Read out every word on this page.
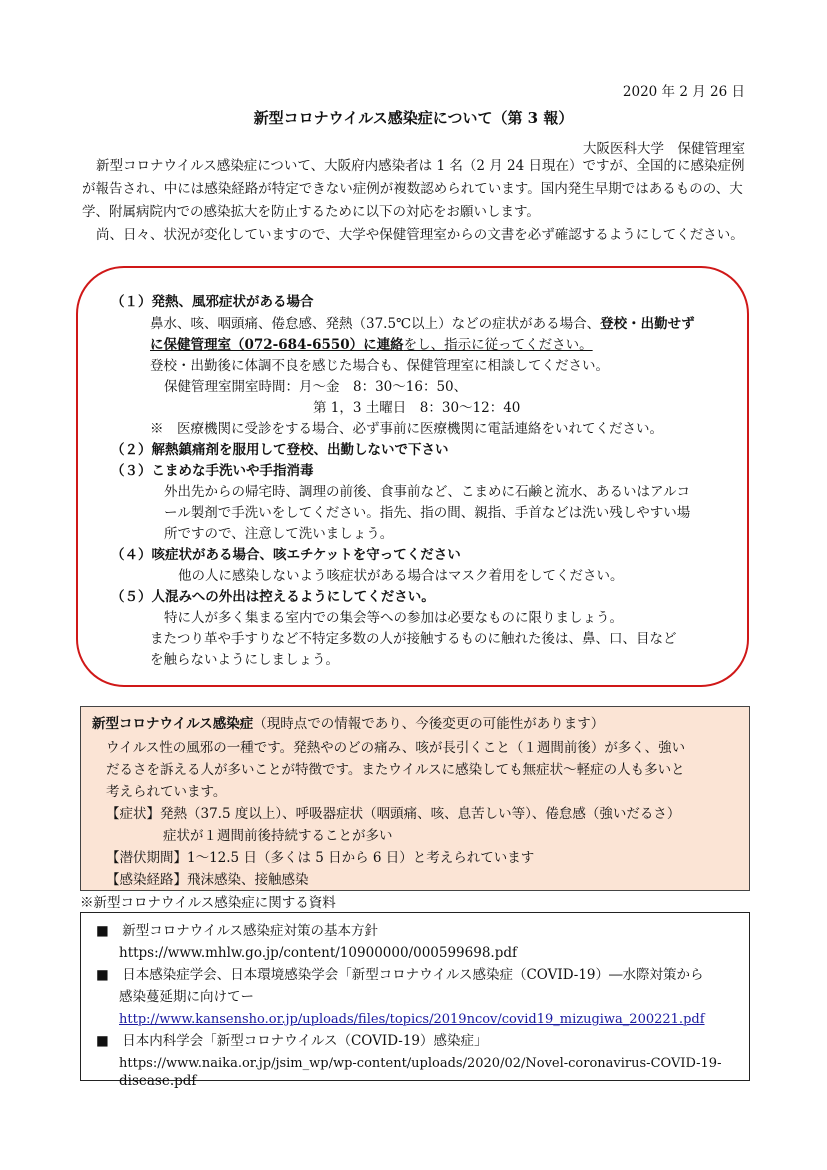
2020 年 2 月 26 日
新型コロナウイルス感染症について（第 3 報）
大阪医科大学　保健管理室
新型コロナウイルス感染症について、大阪府内感染者は 1 名（2 月 24 日現在）ですが、全国的に感染症例が報告され、中には感染経路が特定できない症例が複数認められています。国内発生早期ではあるものの、大学、附属病院内での感染拡大を防止するために以下の対応をお願いします。
尚、日々、状況が変化していますので、大学や保健管理室からの文書を必ず確認するようにしてください。
（１）発熱、風邪症状がある場合
鼻水、咳、咽頭痛、倦怠感、発熱（37.5℃以上）などの症状がある場合、登校・出勤せず
に保健管理室（072-684-6550）に連絡をし、指示に従ってください。
登校・出勤後に体調不良を感じた場合も、保健管理室に相談してください。
保健管理室開室時間：月～金　8：30～16：50、
第 1，3 土曜日　8：30～12：40
※　医療機関に受診をする場合、必ず事前に医療機関に電話連絡をいれてください。
（２）解熱鎮痛剤を服用して登校、出勤しないで下さい
（３）こまめな手洗いや手指消毒
外出先からの帰宅時、調理の前後、食事前など、こまめに石鹸と流水、あるいはアルコ
ール製剤で手洗いをしてください。指先、指の間、親指、手首などは洗い残しやすい場
所ですので、注意して洗いましょう。
（４）咳症状がある場合、咳エチケットを守ってください
他の人に感染しないよう咳症状がある場合はマスク着用をしてください。
（５）人混みへの外出は控えるようにしてください。
特に人が多く集まる室内での集会等への参加は必要なものに限りましょう。
またつり革や手すりなど不特定多数の人が接触するものに触れた後は、鼻、口、目など
を触らないようにしましょう。
新型コロナウイルス感染症（現時点での情報であり、今後変更の可能性があります）
ウイルス性の風邪の一種です。発熱やのどの痛み、咳が長引くこと（１週間前後）が多く、強い
だるさを訴える人が多いことが特徴です。またウイルスに感染しても無症状～軽症の人も多いと
考えられています。
【症状】発熱（37.5 度以上）、呼吸器症状（咽頭痛、咳、息苦しい等）、倦怠感（強いだるさ）
症状が１週間前後持続することが多い
【潜伏期間】1～12.5 日（多くは 5 日から 6 日）と考えられています
【感染経路】飛沫感染、接触感染
※新型コロナウイルス感染症に関する資料
■　 新型コロナウイルス感染症対策の基本方針
https://www.mhlw.go.jp/content/10900000/000599698.pdf
■　 日本感染症学会、日本環境感染学会「新型コロナウイルス感染症（COVID-19）―水際対策から
感染蔓延期に向けてー
http://www.kansensho.or.jp/uploads/files/topics/2019ncov/covid19_mizugiwa_200221.pdf
■　 日本内科学会「新型コロナウイルス（COVID-19）感染症」
https://www.naika.or.jp/jsim_wp/wp-content/uploads/2020/02/Novel-coronavirus-COVID-19-
disease.pdf
